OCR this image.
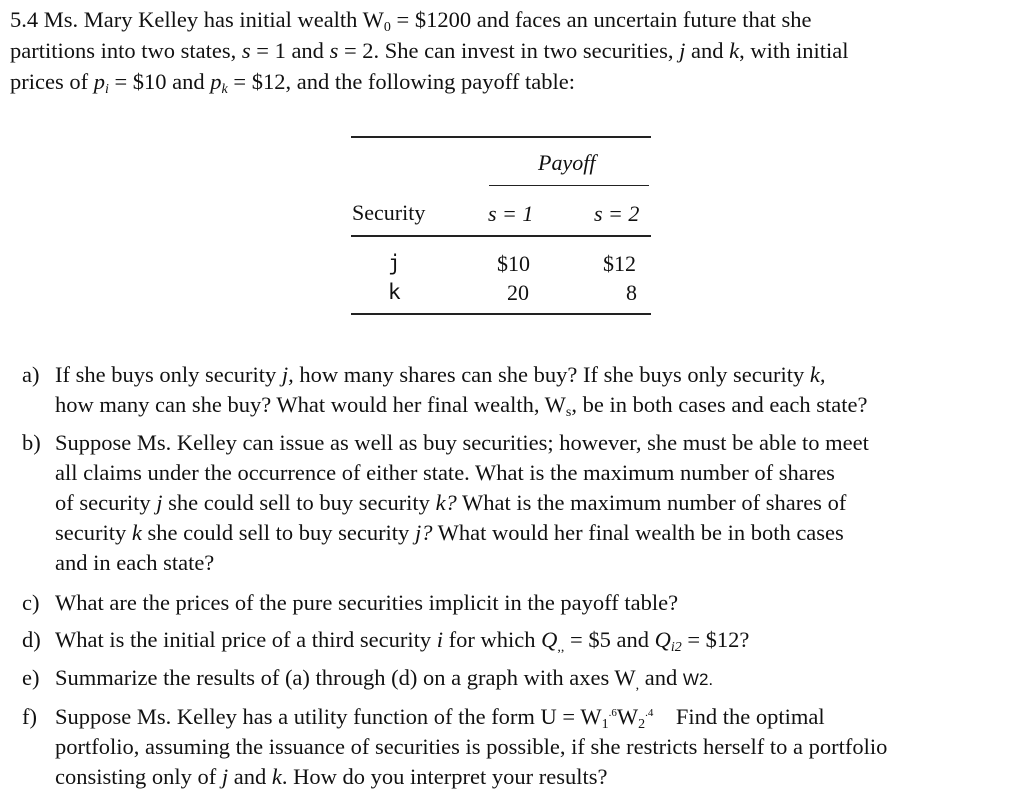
5.4 Ms. Mary Kelley has initial wealth $W_0$ = $1200 and faces an uncertain future that she
partitions into two states, s = 1 and s = 2. She can invest in two securities, j and k, with initial
prices of $p_i$ = $10 and $p_k$ = $12, and the following payoff table:
Payoff
Security	s = 1	s = 2
j	$10	$12
k	20	8
a) If she buys only security j, how many shares can she buy? If she buys only security k,
how many can she buy? What would her final wealth, $W_s$, be in both cases and each state?
b) Suppose Ms. Kelley can issue as well as buy securities; however, she must be able to meet
all claims under the occurrence of either state. What is the maximum number of shares
of security j she could sell to buy security k? What is the maximum number of shares of
security k she could sell to buy security j? What would her final wealth be in both cases
and in each state?
c) What are the prices of the pure securities implicit in the payoff table?
d) What is the initial price of a third security i for which $Q_{,,}$ = $5 and $Q_{i2}$ = $12?
e) Summarize the results of (a) through (d) on a graph with axes $W_,$ and W2.
f) Suppose Ms. Kelley has a utility function of the form $U = W_1^{.6}W_2^{.4}$    Find the optimal
portfolio, assuming the issuance of securities is possible, if she restricts herself to a portfolio
consisting only of j and k. How do you interpret your results?
